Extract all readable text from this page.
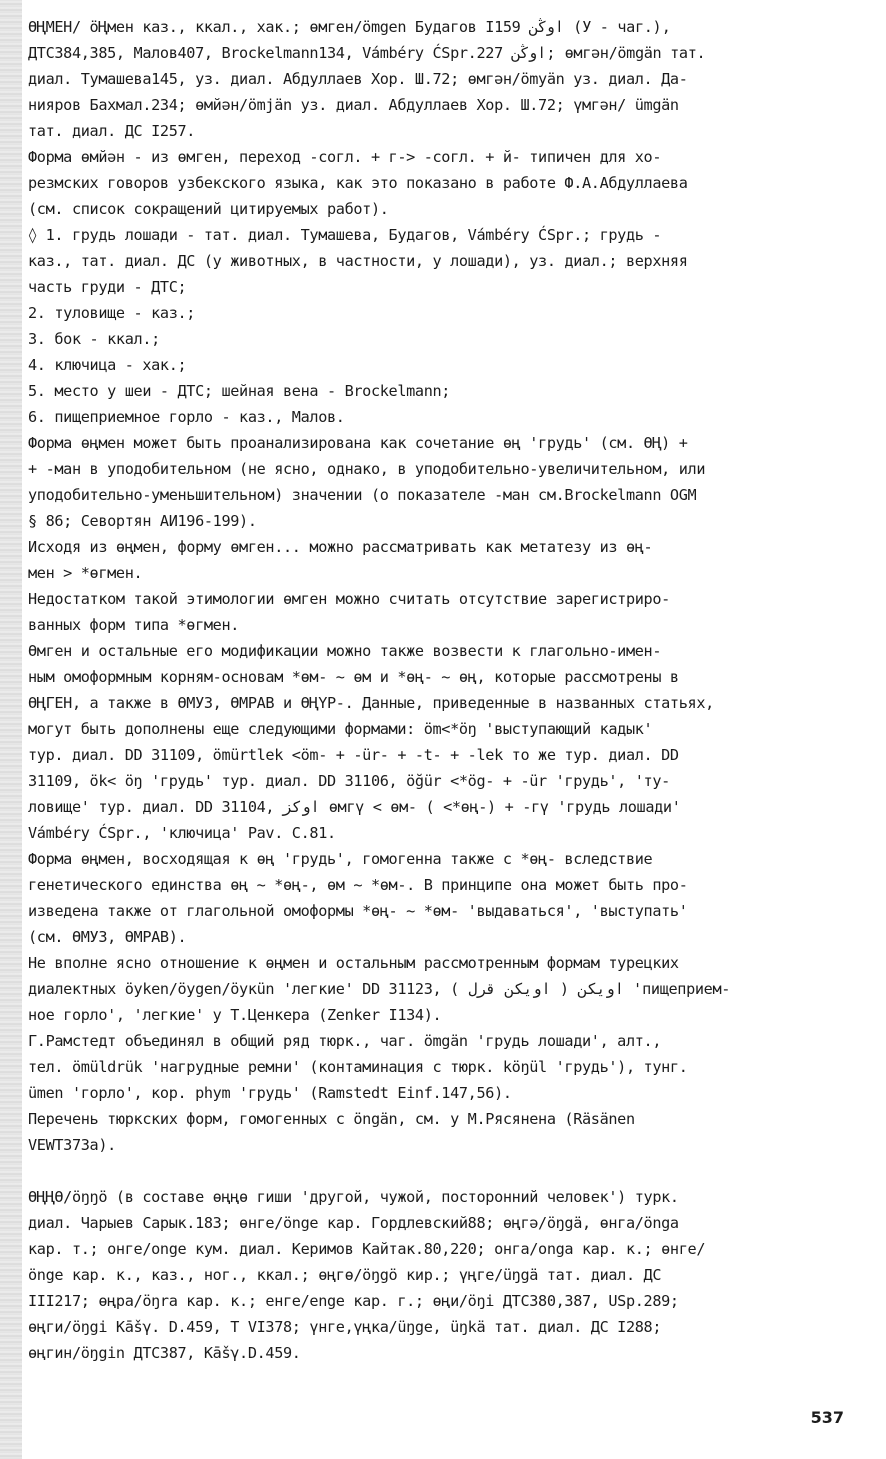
ӨҢМЕН/ öҢмен каз., ккал., хак.; өмген/ömgen Будагов I159 اوڭن (У - чаг.),
ДТС384,385, Малов407, Brockelmann134, Vámbéry ĆSpr.227 اوڭن; өмгән/ömgän тат.
диал. Тумашева145, уз. диал. Абдуллаев Хор. Ш.72; өмгән/ömyän уз. диал. Да-
нияров Бахмал.234; өмйән/ömjän уз. диал. Абдуллаев Хор. Ш.72; үмгән/ ümgän
тат. диал. ДС I257.
Форма өмйән - из өмген, переход -согл. + г-> -согл. + й- типичен для хо-
резмских говоров узбекского языка, как это показано в работе Ф.А.Абдуллаева
(см. список сокращений цитируемых работ).
◊ 1. грудь лошади - тат. диал. Тумашева, Будагов, Vámbéry ĆSpr.; грудь -
каз., тат. диал. ДС (у животных, в частности, у лошади), уз. диал.; верхняя
часть груди - ДТС;
2. туловище - каз.;
3. бок - ккал.;
4. ключица - хак.;
5. место у шеи - ДТС; шейная вена - Brockelmann;
6. пищеприемное горло - каз., Малов.
Форма өңмен может быть проанализирована как сочетание өң 'грудь' (см. ӨҢ) +
+ -ман в уподобительном (не ясно, однако, в уподобительно-увеличительном, или
уподобительно-уменьшительном) значении (о показателе -ман см.Brockelmann OGM
§ 86; Севортян АИ196-199).
Исходя из өңмен, форму өмген... можно рассматривать как метатезу из өң-
мен > *өгмен.
Недостатком такой этимологии өмген можно считать отсутствие зарегистриро-
ванных форм типа *өгмен.
Өмген и остальные его модификации можно также возвести к глагольно-имен-
ным омоформным корням-основам *өм- ~ өм и *өң- ~ өң, которые рассмотрены в
ӨҢГЕН, а также в ӨМУЗ, ӨМРАВ и ӨҢҮР-. Данные, приведенные в названных статьях,
могут быть дополнены еще следующими формами: öm<*öŋ 'выступающий кадык'
тур. диал. DD 31109, ömürtlek <öm- + -ür- + -t- + -lek то же тур. диал. DD
31109, ök< öŋ 'грудь' тур. диал. DD 31106, öğür <*ög- + -ür 'грудь', 'ту-
ловище' тур. диал. DD 31104, اوكز өмгү < өм- ( <*өң-) + -гү 'грудь лошади'
Vámbéry ĆSpr., 'ключица' Pav. C.81.
Форма өңмен, восходящая к өң 'грудь', гомогенна также с *өң- вследствие
генетического единства өң ~ *өң-, өм ~ *өм-. В принципе она может быть про-
изведена также от глагольной омоформы *өң- ~ *өм- 'выдаваться', 'выступать'
(см. ӨМУЗ, ӨМРАВ).
Не вполне ясно отношение к өңмен и остальным рассмотренным формам турецких
диалектных öуken/öуgen/öукün 'легкие' DD 31123, اویكن ( اویكن قرل ) 'пищеприем-
ное горло', 'легкие' у Т.Ценкера (Zenker I134).
Г.Рамстедт объединял в общий ряд тюрк., чаг. ömgän 'грудь лошади', алт.,
тел. ömüldrük 'нагрудные ремни' (контаминация с тюрк. köŋül 'грудь'), тунг.
ümen 'горло', кор. phym 'грудь' (Ramstedt Einf.147,56).
Перечень тюркских форм, гомогенных с öngän, см. у М.Рясянена (Räsänen
VEWT373a).
ӨҢҢӨ/öŋŋö (в составе өңңө гиши 'другой, чужой, посторонний человек') турк.
диал. Чарыев Сарык.183; өнге/önge кар. Гордлевский88; өңгә/öŋgä, өнга/önga
кар. т.; онге/onge кум. диал. Керимов Кайтак.80,220; онга/onga кар. к.; өнге/
önge кар. к., каз., ног., ккал.; өңгө/öŋgö кир.; үңге/üŋgä тат. диал. ДС
III217; өңра/öŋra кар. к.; енге/enge кар. г.; өңи/öŋi ДТС380,387, USp.289;
өңги/öŋgi Kāšγ. D.459, T VI378; үнге,үңка/üŋge, üŋkä тат. диал. ДС I288;
өңгин/öŋgin ДТС387, Kāšγ.D.459.
537
